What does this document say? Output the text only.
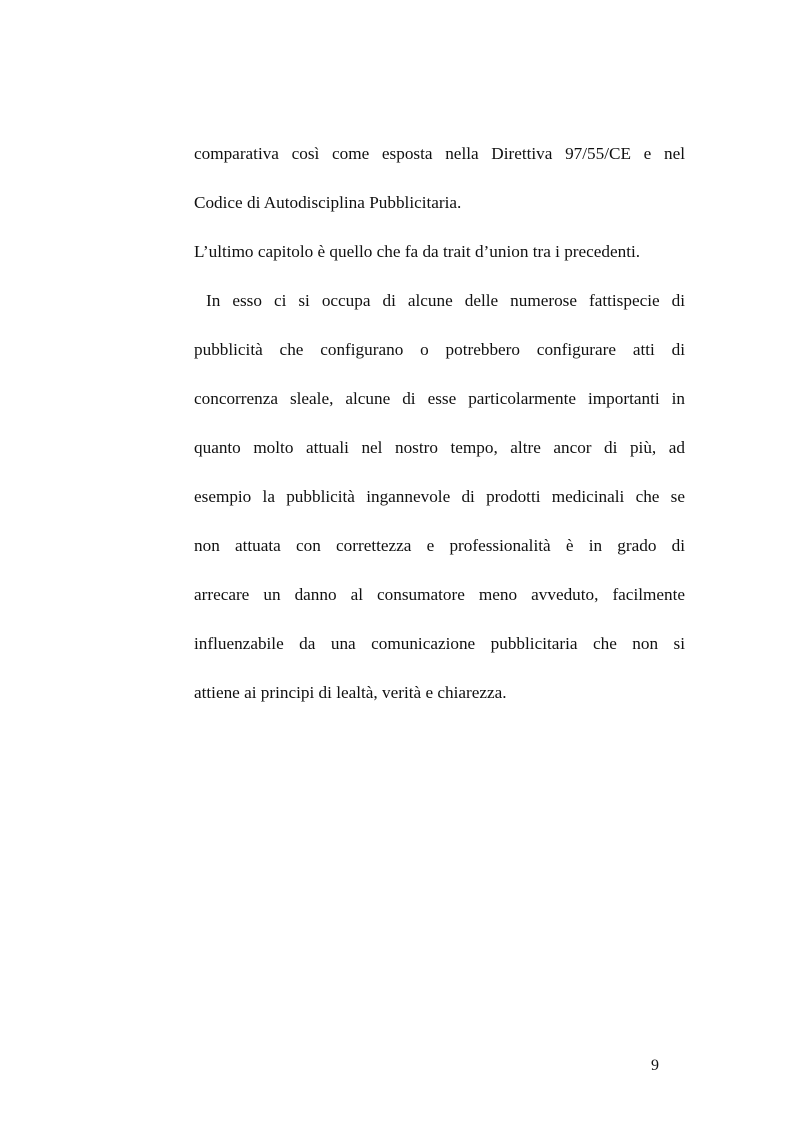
comparativa così come esposta nella Direttiva 97/55/CE e nel
Codice di Autodisciplina Pubblicitaria.
L’ultimo capitolo è quello che fa da trait d’union tra i precedenti.
In esso ci si occupa di alcune delle numerose fattispecie di
pubblicità che configurano o potrebbero configurare atti di
concorrenza sleale, alcune di esse particolarmente importanti in
quanto molto attuali nel nostro tempo, altre ancor di più, ad
esempio la pubblicità ingannevole di prodotti medicinali che se
non attuata con correttezza e professionalità è in grado di
arrecare un danno al consumatore meno avveduto, facilmente
influenzabile da una comunicazione pubblicitaria che non si
attiene ai principi di lealtà, verità e chiarezza.
9
